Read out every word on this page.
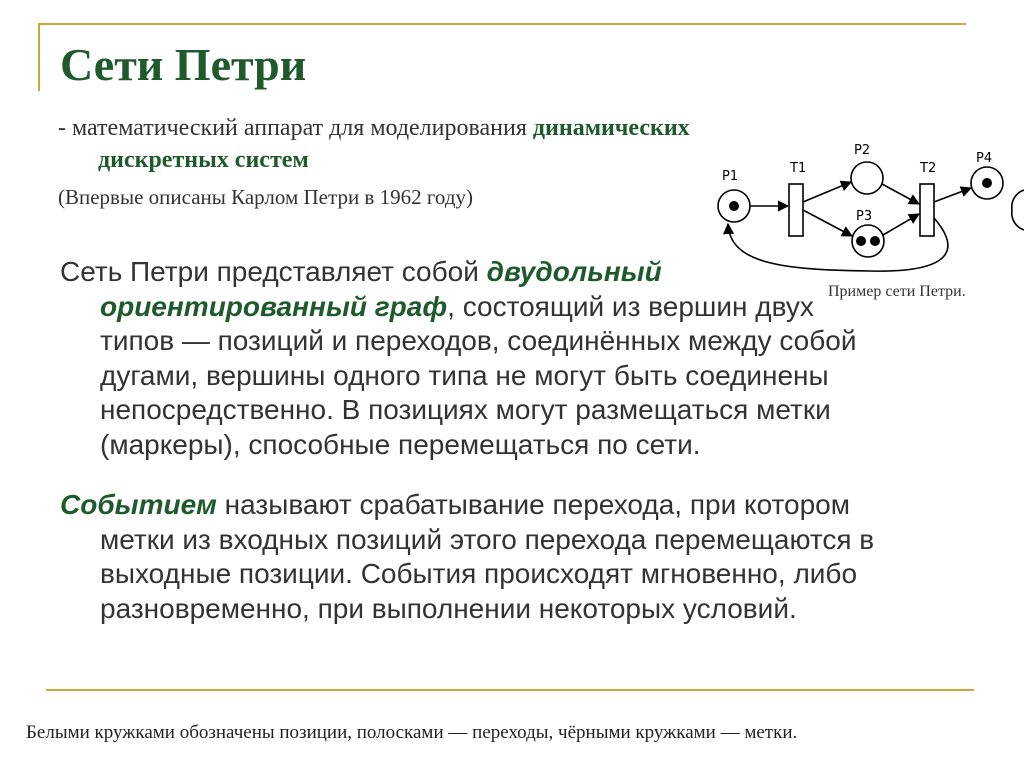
Сети Петри
- математический аппарат для моделирования динамических
дискретных систем
(Впервые описаны Карлом Петри в 1962 году)
P1
T1
P2
P3
T2
P4
Пример сети Петри.
Сеть Петри представляет собой двудольный
ориентированный граф, состоящий из вершин двух
типов — позиций и переходов, соединённых между собой
дугами, вершины одного типа не могут быть соединены
непосредственно. В позициях могут размещаться метки
(маркеры), способные перемещаться по сети.
Событием называют срабатывание перехода, при котором
метки из входных позиций этого перехода перемещаются в
выходные позиции. События происходят мгновенно, либо
разновременно, при выполнении некоторых условий.
Белыми кружками обозначены позиции, полосками — переходы, чёрными кружками — метки.
